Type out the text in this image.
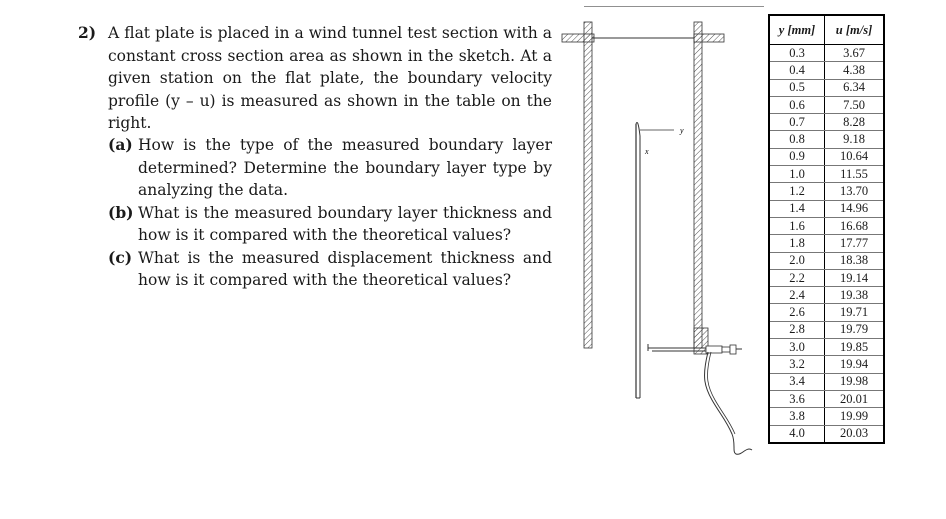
2) A flat plate is placed in a wind tunnel test section with a constant cross section area as shown in the sketch. At a given station on the flat plate, the boundary velocity profile (y – u) is measured as shown in the table on the right.
(a) How is the type of the measured boundary layer determined? Determine the boundary layer type by analyzing the data.
(b) What is the measured boundary layer thickness and how is it compared with the theoretical values?
(c) What is the measured displacement thickness and how is it compared with the theoretical values?
x
y
y [mm]	u [m/s]
0.3	3.67
0.4	4.38
0.5	6.34
0.6	7.50
0.7	8.28
0.8	9.18
0.9	10.64
1.0	11.55
1.2	13.70
1.4	14.96
1.6	16.68
1.8	17.77
2.0	18.38
2.2	19.14
2.4	19.38
2.6	19.71
2.8	19.79
3.0	19.85
3.2	19.94
3.4	19.98
3.6	20.01
3.8	19.99
4.0	20.03
